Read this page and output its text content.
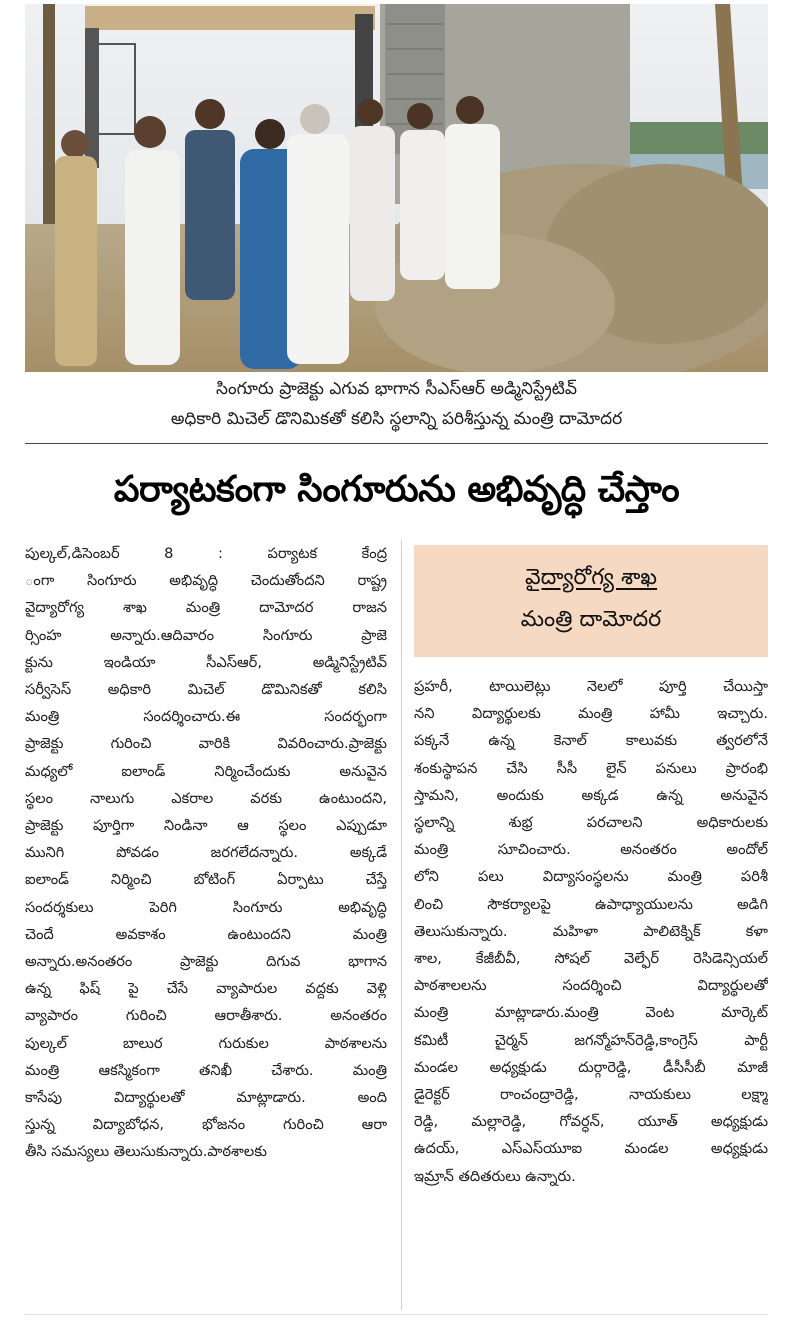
సింగూరు ప్రాజెక్టు ఎగువ భాగాన సీఎస్‌ఆర్ అడ్మినిస్ట్రేటివ్
అధికారి మిచెల్ డొనిమికతో కలిసి స్థలాన్ని పరిశీస్తున్న మంత్రి దామోదర
పర్యాటకంగా సింగూరును అభివృద్ధి చేస్తాం

పుల్కల్,డిసెంబర్ 8 : పర్యాటక కేంద్ర

ంగా సింగూరు అభివృద్ధి చెందుతోందని రాష్ట్ర

వైద్యారోగ్య శాఖ మంత్రి దామోదర రాజన

ర్సింహ అన్నారు.ఆదివారం సింగూరు ప్రాజె

క్టును ఇండియా సీఎస్‌ఆర్, అడ్మినిస్ట్రేటివ్

సర్వీసెస్ అధికారి మిచెల్ డొమినికతో కలిసి

మంత్రి సందర్శించారు.ఈ సందర్భంగా

ప్రాజెక్టు గురించి వారికి వివరించారు.ప్రాజెక్టు

మధ్యలో ఐలాండ్ నిర్మించేందుకు అనువైన

స్థలం నాలుగు ఎకరాల వరకు ఉంటుందని,

ప్రాజెక్టు పూర్తిగా నిండినా ఆ స్థలం ఎప్పుడూ

మునిగి పోవడం జరగలేదన్నారు. అక్కడే

ఐలాండ్ నిర్మించి బోటింగ్ ఏర్పాటు చేస్తే

సందర్శకులు పెరిగి సింగూరు అభివృద్ధి

చెందే అవకాశం ఉంటుందని మంత్రి

అన్నారు.అనంతరం ప్రాజెక్టు దిగువ భాగాన

ఉన్న ఫిష్ పై చేసే వ్యాపారుల వద్దకు వెళ్లి

వ్యాపారం గురించి ఆరాతీశారు. అనంతరం

పుల్కల్ బాలుర గురుకుల పాఠశాలను

మంత్రి ఆకస్మికంగా తనిఖీ చేశారు. మంత్రి

కాసేపు విద్యార్థులతో మాట్లాడారు. అంది

స్తున్న విద్యాబోధన, భోజనం గురించి ఆరా

తీసి సమస్యలు తెలుసుకున్నారు.పాఠశాలకు

వైద్యారోగ్య శాఖ
మంత్రి దామోదర

ప్రహరీ, టాయిలెట్లు నెలలో పూర్తి చేయిస్తా

నని విద్యార్థులకు మంత్రి హామీ ఇచ్చారు.

పక్కనే ఉన్న కెనాల్ కాలువకు త్వరలోనే

శంకుస్థాపన చేసి సీసీ లైన్ పనులు ప్రారంభి

స్తామని, అందుకు అక్కడ ఉన్న అనువైన

స్థలాన్ని శుభ్ర పరచాలని అధికారులకు

మంత్రి సూచించారు. అనంతరం అందోల్

లోని పలు విద్యాసంస్థలను మంత్రి పరిశీ

లించి సౌకర్యాలపై ఉపాధ్యాయులను అడిగి

తెలుసుకున్నారు. మహిళా పాలిటెక్నిక్ కళా

శాల, కేజీబీవీ, సోషల్ వెల్ఫేర్ రెసిడెన్సియల్

పాఠశాలలను సందర్శించి విద్యార్థులతో

మంత్రి మాట్లాడారు.మంత్రి వెంట మార్కెట్

కమిటీ చైర్మన్ జగన్మోహన్‌రెడ్డి,కాంగ్రెస్ పార్టీ

మండల అధ్యక్షుడు దుర్గారెడ్డి, డీసీసీబీ మాజీ

డైరెక్టర్ రాంచంద్రారెడ్డి, నాయకులు లక్ష్మా

రెడ్డి, మల్లారెడ్డి, గోవర్ధన్, యూత్ అధ్యక్షుడు

ఉదయ్, ఎస్ఎస్‌యూఐ మండల అధ్యక్షుడు

ఇమ్రాన్ తదితరులు ఉన్నారు.
